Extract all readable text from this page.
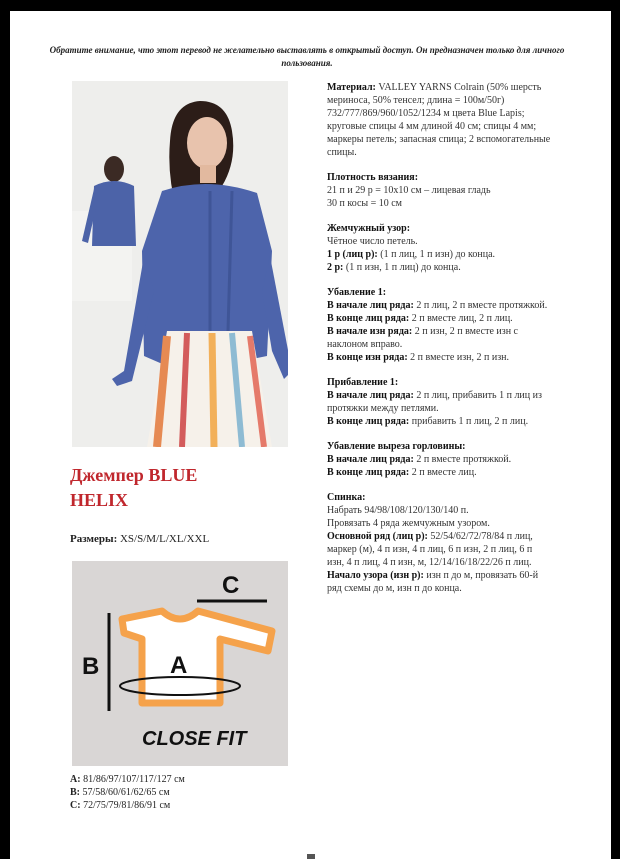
Обратите внимание, что этот перевод не желательно выставлять в открытый доступ. Он предназначен только для личного пользования.
Джемпер BLUE
HELIX
Размеры: XS/S/M/L/XL/XXL
C
B	A
CLOSE FIT
A: 81/86/97/107/117/127 см
B: 57/58/60/61/62/65 см
C: 72/75/79/81/86/91 см
Материал: VALLEY YARNS Colrain (50% шерсть мериноса, 50% тенсел; длина = 100м/50г) 732/777/869/960/1052/1234 м цвета Blue Lapis; круговые спицы 4 мм длиной 40 см; спицы 4 мм; маркеры петель; запасная спица; 2 вспомогательные спицы.
Плотность вязания:
21 п и 29 р = 10х10 см – лицевая гладь
30 п косы = 10 см
Жемчужный узор:
Чётное число петель.
1 р (лиц р): (1 п лиц, 1 п изн) до конца.
2 р: (1 п изн, 1 п лиц) до конца.
Убавление 1:
В начале лиц ряда: 2 п лиц, 2 п вместе протяжкой.
В конце лиц ряда: 2 п вместе лиц, 2 п лиц.
В начале изн ряда: 2 п изн, 2 п вместе изн с наклоном вправо.
В конце изн ряда: 2 п вместе изн, 2 п изн.
Прибавление 1:
В начале лиц ряда: 2 п лиц, прибавить 1 п лиц из протяжки между петлями.
В конце лиц ряда: прибавить 1 п лиц, 2 п лиц.
Убавление выреза горловины:
В начале лиц ряда: 2 п вместе протяжкой.
В конце лиц ряда: 2 п вместе лиц.
Спинка:
Набрать 94/98/108/120/130/140 п.
Провязать 4 ряда жемчужным узором.
Основной ряд (лиц р): 52/54/62/72/78/84 п лиц, маркер (м), 4 п изн, 4 п лиц, 6 п изн, 2 п лиц, 6 п изн, 4 п лиц, 4 п изн, м, 12/14/16/18/22/26 п лиц.
Начало узора (изн р): изн п до м, провязать 60-й ряд схемы до м, изн п до конца.
